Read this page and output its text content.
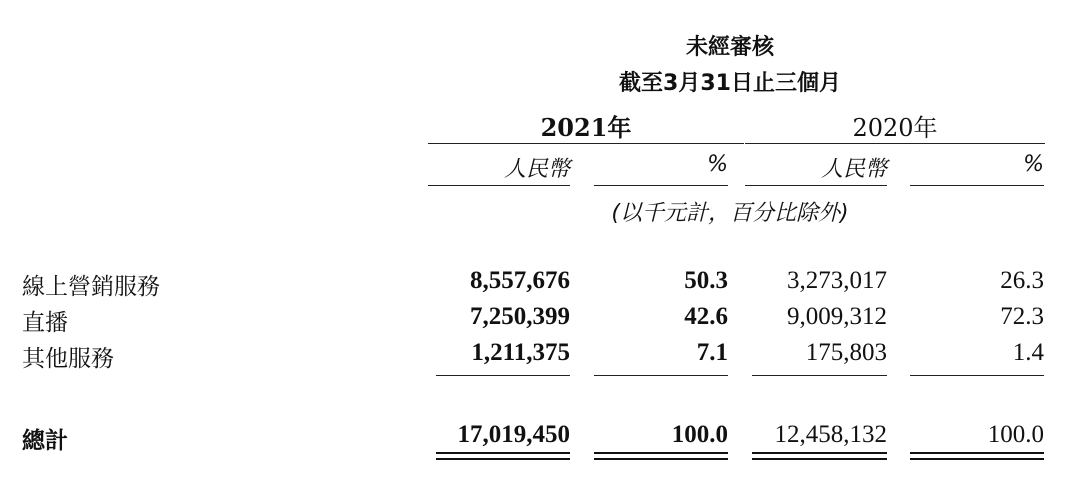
未經審核
截至3月31日止三個月
2021年	2020年
人民幣	%	人民幣	%
(以千元計，百分比除外)
線上營銷服務	8,557,676	50.3	3,273,017	26.3
直播	7,250,399	42.6	9,009,312	72.3
其他服務	1,211,375	7.1	175,803	1.4
總計	17,019,450	100.0	12,458,132	100.0
